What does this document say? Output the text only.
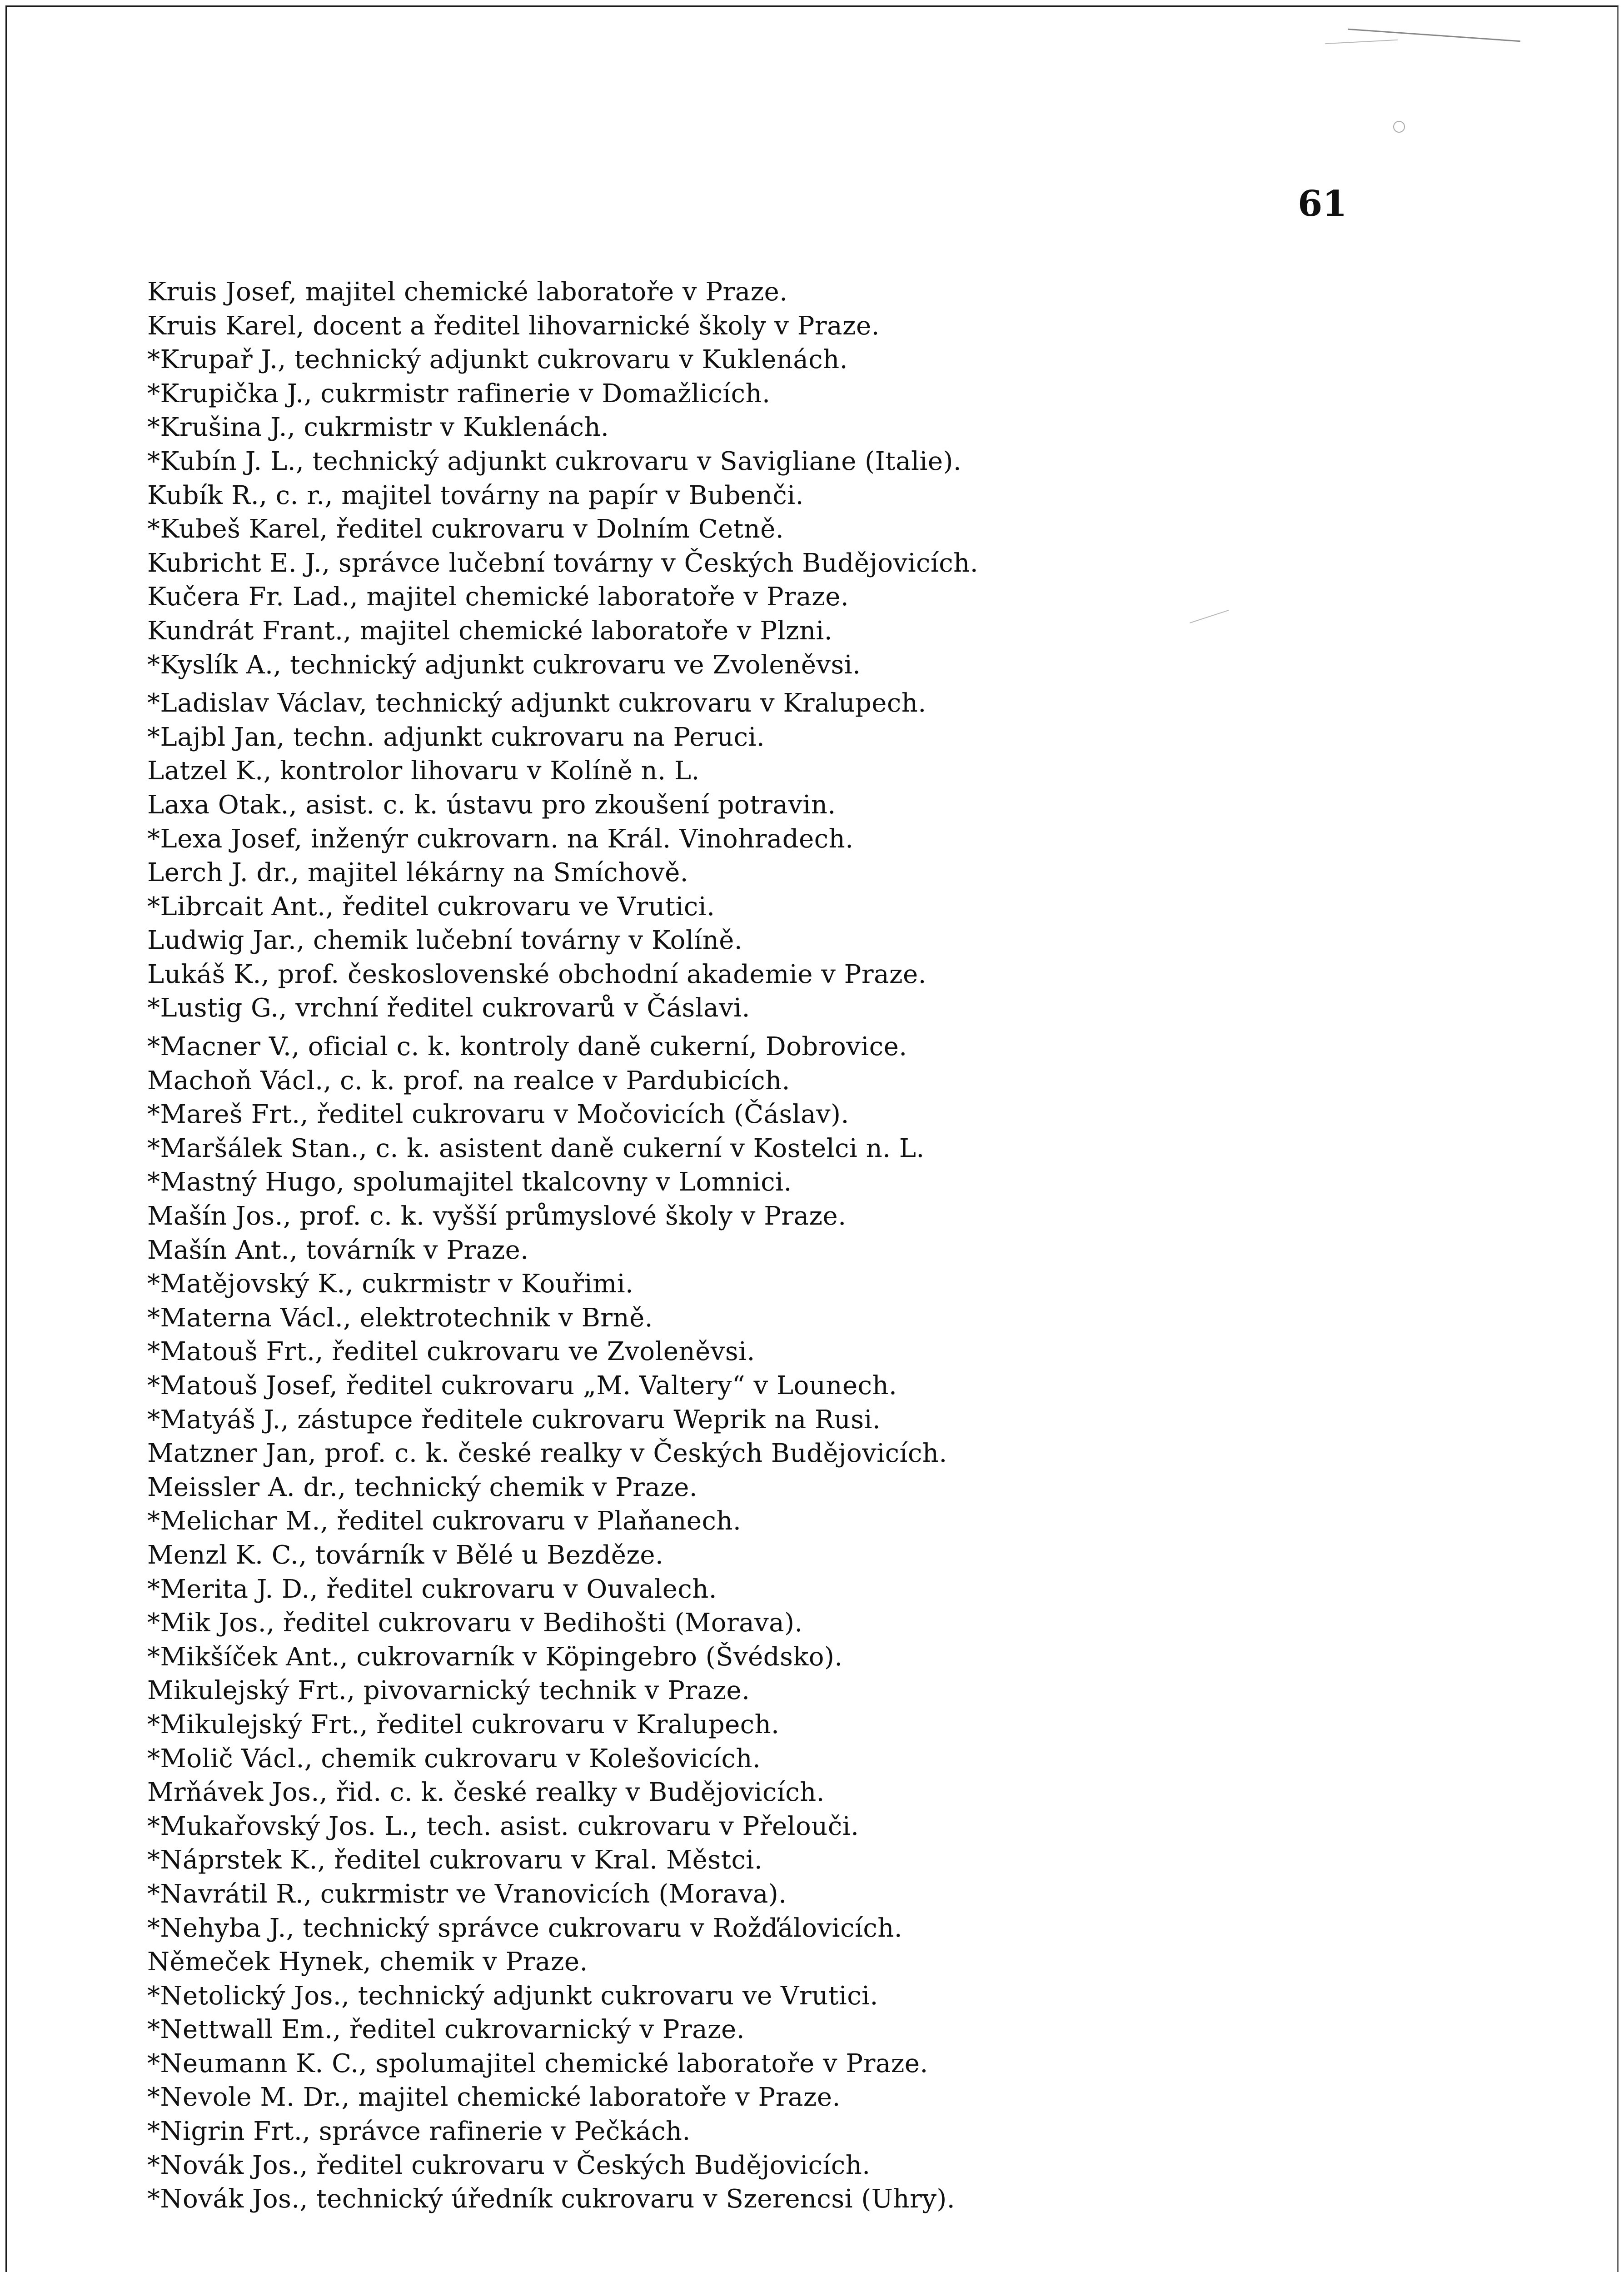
61
Kruis Josef, majitel chemické laboratoře v Praze.
Kruis Karel, docent a ředitel lihovarnické školy v Praze.
*Krupař J., technický adjunkt cukrovaru v Kuklenách.
*Krupička J., cukrmistr rafinerie v Domažlicích.
*Krušina J., cukrmistr v Kuklenách.
*Kubín J. L., technický adjunkt cukrovaru v Savigliane (Italie).
Kubík R., c. r., majitel továrny na papír v Bubenči.
*Kubeš Karel, ředitel cukrovaru v Dolním Cetně.
Kubricht E. J., správce lučební továrny v Českých Budějovicích.
Kučera Fr. Lad., majitel chemické laboratoře v Praze.
Kundrát Frant., majitel chemické laboratoře v Plzni.
*Kyslík A., technický adjunkt cukrovaru ve Zvoleněvsi.
*Ladislav Václav, technický adjunkt cukrovaru v Kralupech.
*Lajbl Jan, techn. adjunkt cukrovaru na Peruci.
Latzel K., kontrolor lihovaru v Kolíně n. L.
Laxa Otak., asist. c. k. ústavu pro zkoušení potravin.
*Lexa Josef, inženýr cukrovarn. na Král. Vinohradech.
Lerch J. dr., majitel lékárny na Smíchově.
*Librcait Ant., ředitel cukrovaru ve Vrutici.
Ludwig Jar., chemik lučební továrny v Kolíně.
Lukáš K., prof. československé obchodní akademie v Praze.
*Lustig G., vrchní ředitel cukrovarů v Čáslavi.
*Macner V., oficial c. k. kontroly daně cukerní, Dobrovice.
Machoň Václ., c. k. prof. na realce v Pardubicích.
*Mareš Frt., ředitel cukrovaru v Močovicích (Čáslav).
*Maršálek Stan., c. k. asistent daně cukerní v Kostelci n. L.
*Mastný Hugo, spolumajitel tkalcovny v Lomnici.
Mašín Jos., prof. c. k. vyšší průmyslové školy v Praze.
Mašín Ant., továrník v Praze.
*Matějovský K., cukrmistr v Kouřimi.
*Materna Václ., elektrotechnik v Brně.
*Matouš Frt., ředitel cukrovaru ve Zvoleněvsi.
*Matouš Josef, ředitel cukrovaru „M. Valtery“ v Lounech.
*Matyáš J., zástupce ředitele cukrovaru Weprik na Rusi.
Matzner Jan, prof. c. k. české realky v Českých Budějovicích.
Meissler A. dr., technický chemik v Praze.
*Melichar M., ředitel cukrovaru v Plaňanech.
Menzl K. C., továrník v Bělé u Bezděze.
*Merita J. D., ředitel cukrovaru v Ouvalech.
*Mik Jos., ředitel cukrovaru v Bedihošti (Morava).
*Mikšíček Ant., cukrovarník v Köpingebro (Švédsko).
Mikulejský Frt., pivovarnický technik v Praze.
*Mikulejský Frt., ředitel cukrovaru v Kralupech.
*Molič Václ., chemik cukrovaru v Kolešovicích.
Mrňávek Jos., řid. c. k. české realky v Budějovicích.
*Mukařovský Jos. L., tech. asist. cukrovaru v Přelouči.
*Náprstek K., ředitel cukrovaru v Kral. Městci.
*Navrátil R., cukrmistr ve Vranovicích (Morava).
*Nehyba J., technický správce cukrovaru v Rožďálovicích.
Němeček Hynek, chemik v Praze.
*Netolický Jos., technický adjunkt cukrovaru ve Vrutici.
*Nettwall Em., ředitel cukrovarnický v Praze.
*Neumann K. C., spolumajitel chemické laboratoře v Praze.
*Nevole M. Dr., majitel chemické laboratoře v Praze.
*Nigrin Frt., správce rafinerie v Pečkách.
*Novák Jos., ředitel cukrovaru v Českých Budějovicích.
*Novák Jos., technický úředník cukrovaru v Szerencsi (Uhry).
